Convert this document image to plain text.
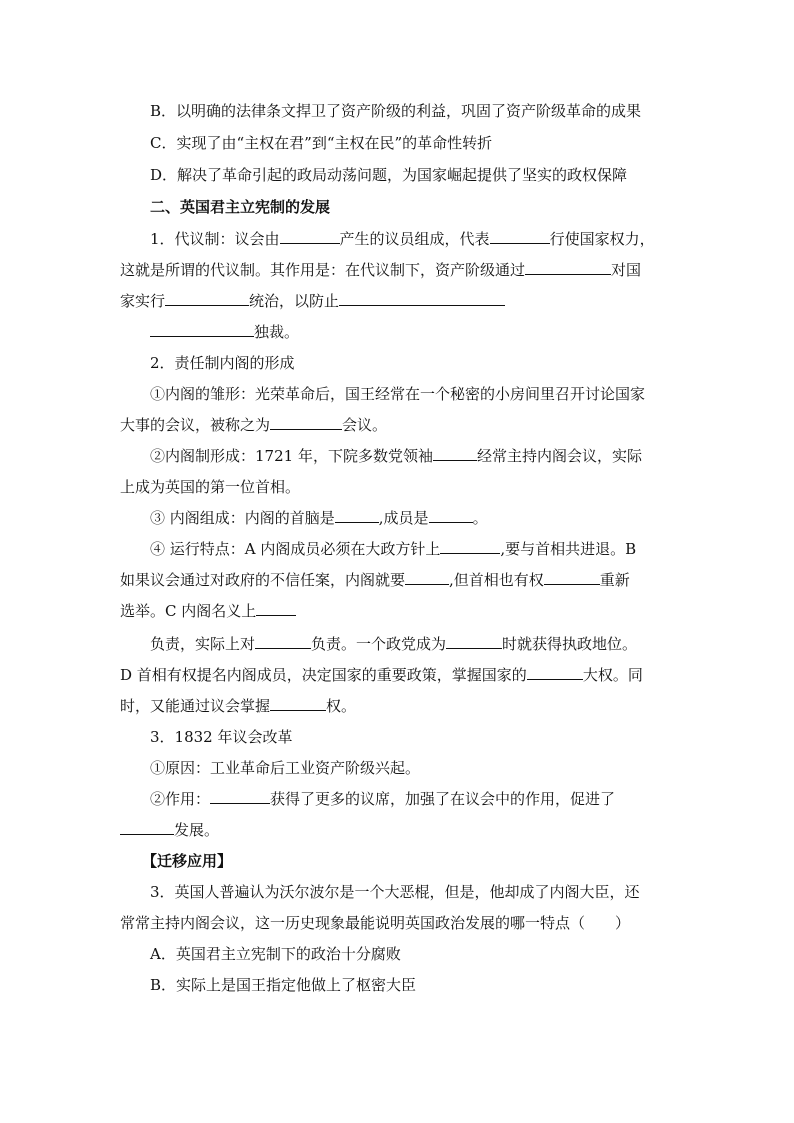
B．以明确的法律条文捍卫了资产阶级的利益，巩固了资产阶级革命的成果
C．实现了由“主权在君”到“主权在民”的革命性转折
D．解决了革命引起的政局动荡问题，为国家崛起提供了坚实的政权保障
二、英国君主立宪制的发展
1．代议制：议会由	产生的议员组成，代表	行使国家权力，
这就是所谓的代议制。其作用是：在代议制下，资产阶级通过	对国
家实行	统治，以防止
独裁。
2．责任制内阁的形成
①内阁的雏形：光荣革命后，国王经常在一个秘密的小房间里召开讨论国家
大事的会议，被称之为	会议。
②内阁制形成：1721 年，下院多数党领袖	经常主持内阁会议，实际
上成为英国的第一位首相。
③ 内阁组成：内阁的首脑是	,成员是	。
④ 运行特点：A 内阁成员必须在大政方针上	,要与首相共进退。B
如果议会通过对政府的不信任案，内阁就要	,但首相也有权	重新
选举。C 内阁名义上
负责，实际上对	负责。一个政党成为	时就获得执政地位。
D 首相有权提名内阁成员，决定国家的重要政策，掌握国家的	大权。同
时，又能通过议会掌握	权。
3．1832 年议会改革
①原因：工业革命后工业资产阶级兴起。
②作用：	获得了更多的议席，加强了在议会中的作用，促进了
发展。
【迁移应用】
3．英国人普遍认为沃尔波尔是一个大恶棍，但是，他却成了内阁大臣，还
常常主持内阁会议，这一历史现象最能说明英国政治发展的哪一特点（　　）
A．英国君主立宪制下的政治十分腐败
B．实际上是国王指定他做上了枢密大臣
